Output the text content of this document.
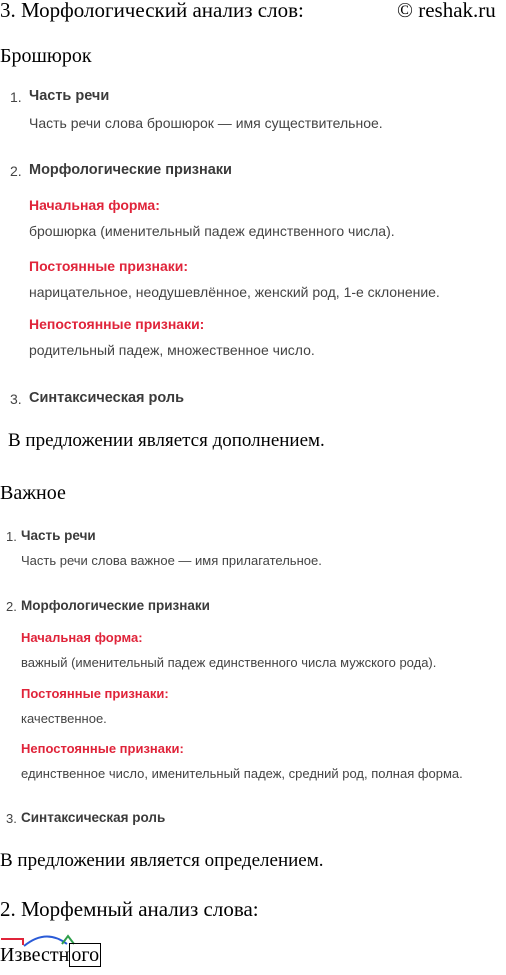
3. Морфологический анализ слов:	© reshak.ru
Брошюрок
1. Часть речи
Часть речи слова брошюрок — имя существительное.
2. Морфологические признаки
Начальная форма:
брошюрка (именительный падеж единственного числа).
Постоянные признаки:
нарицательное, неодушевлённое, женский род, 1-е склонение.
Непостоянные признаки:
родительный падеж, множественное число.
3. Синтаксическая роль
В предложении является дополнением.
Важное
1. Часть речи
Часть речи слова важное — имя прилагательное.
2. Морфологические признаки
Начальная форма:
важный (именительный падеж единственного числа мужского рода).
Постоянные признаки:
качественное.
Непостоянные признаки:
единственное число, именительный падеж, средний род, полная форма.
3. Синтаксическая роль
В предложении является определением.
2. Морфемный анализ слова:
Известн ого
